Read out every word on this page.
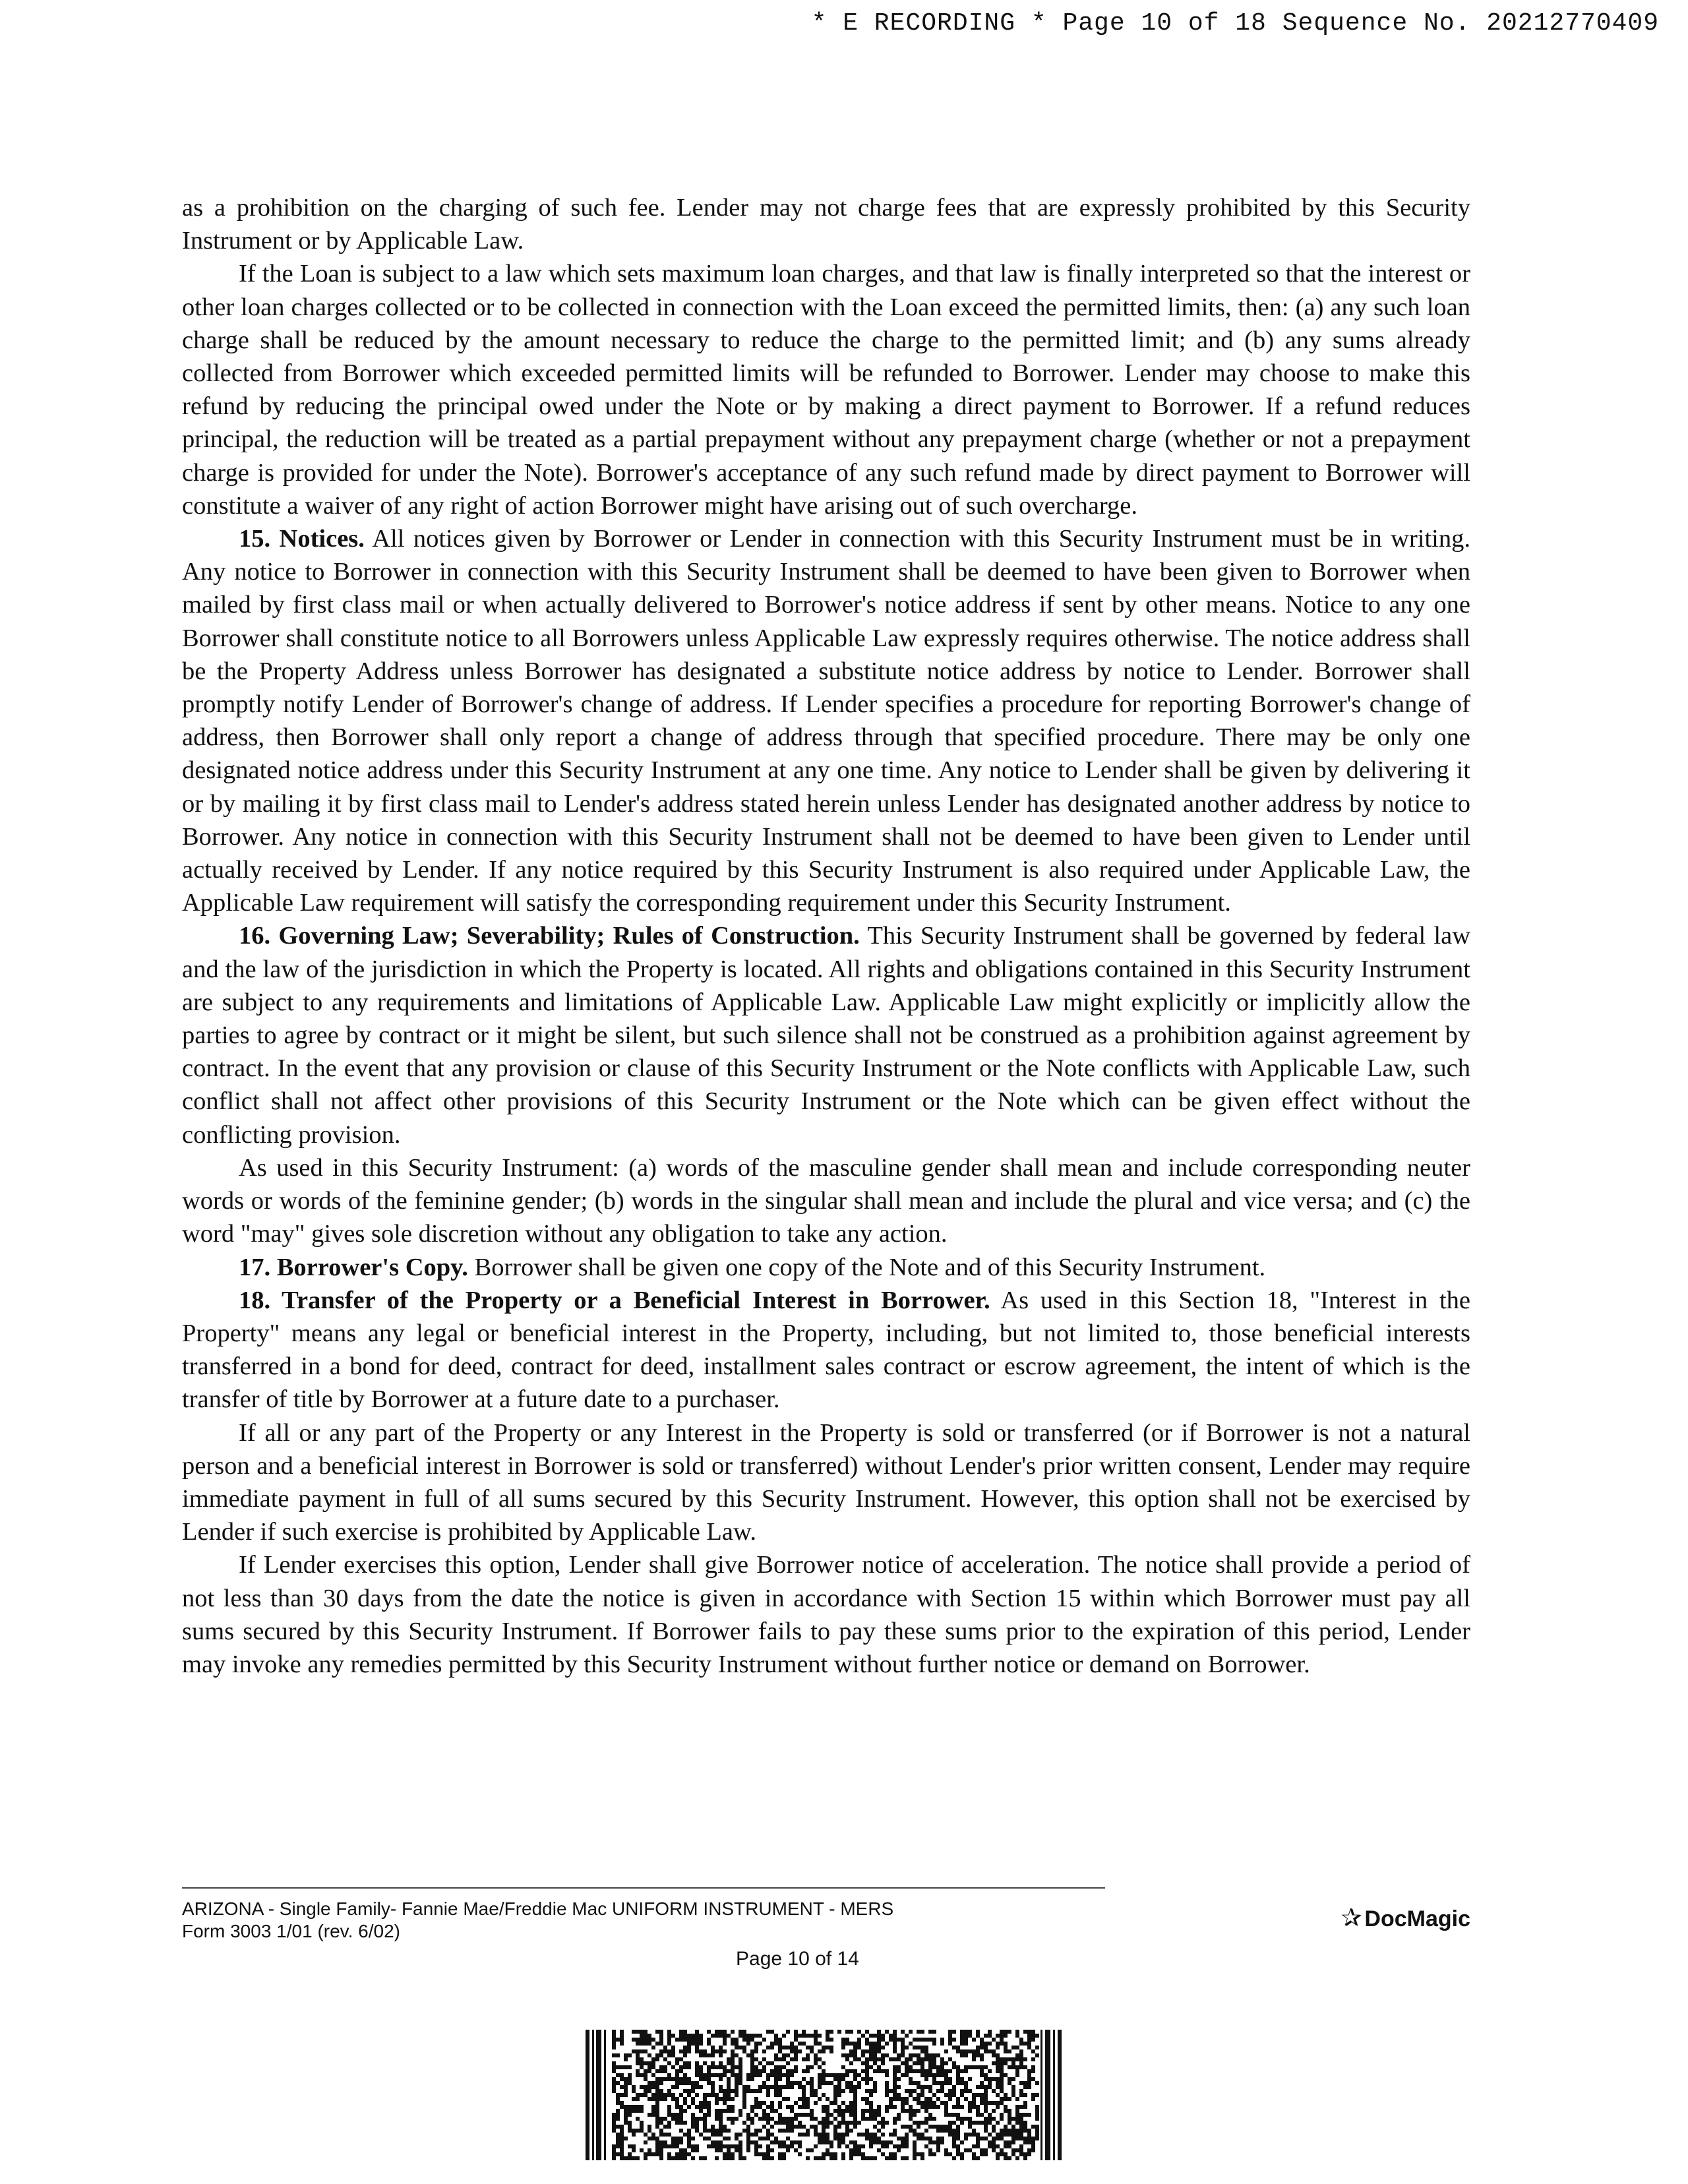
* E RECORDING * Page 10 of 18 Sequence No. 20212770409

as a prohibition on the charging of such fee. Lender may not charge fees that are expressly prohibited by this Security Instrument or by Applicable Law.

If the Loan is subject to a law which sets maximum loan charges, and that law is finally interpreted so that the interest or other loan charges collected or to be collected in connection with the Loan exceed the permitted limits, then: (a) any such loan charge shall be reduced by the amount necessary to reduce the charge to the permitted limit; and (b) any sums already collected from Borrower which exceeded permitted limits will be refunded to Borrower. Lender may choose to make this refund by reducing the principal owed under the Note or by making a direct payment to Borrower. If a refund reduces principal, the reduction will be treated as a partial prepayment without any prepayment charge (whether or not a prepayment charge is provided for under the Note). Borrower's acceptance of any such refund made by direct payment to Borrower will constitute a waiver of any right of action Borrower might have arising out of such overcharge.

15. Notices. All notices given by Borrower or Lender in connection with this Security Instrument must be in writing. Any notice to Borrower in connection with this Security Instrument shall be deemed to have been given to Borrower when mailed by first class mail or when actually delivered to Borrower's notice address if sent by other means. Notice to any one Borrower shall constitute notice to all Borrowers unless Applicable Law expressly requires otherwise. The notice address shall be the Property Address unless Borrower has designated a substitute notice address by notice to Lender. Borrower shall promptly notify Lender of Borrower's change of address. If Lender specifies a procedure for reporting Borrower's change of address, then Borrower shall only report a change of address through that specified procedure. There may be only one designated notice address under this Security Instrument at any one time. Any notice to Lender shall be given by delivering it or by mailing it by first class mail to Lender's address stated herein unless Lender has designated another address by notice to Borrower. Any notice in connection with this Security Instrument shall not be deemed to have been given to Lender until actually received by Lender. If any notice required by this Security Instrument is also required under Applicable Law, the Applicable Law requirement will satisfy the corresponding requirement under this Security Instrument.

16. Governing Law; Severability; Rules of Construction. This Security Instrument shall be governed by federal law and the law of the jurisdiction in which the Property is located. All rights and obligations contained in this Security Instrument are subject to any requirements and limitations of Applicable Law. Applicable Law might explicitly or implicitly allow the parties to agree by contract or it might be silent, but such silence shall not be construed as a prohibition against agreement by contract. In the event that any provision or clause of this Security Instrument or the Note conflicts with Applicable Law, such conflict shall not affect other provisions of this Security Instrument or the Note which can be given effect without the conflicting provision.

As used in this Security Instrument: (a) words of the masculine gender shall mean and include corresponding neuter words or words of the feminine gender; (b) words in the singular shall mean and include the plural and vice versa; and (c) the word "may" gives sole discretion without any obligation to take any action.

17. Borrower's Copy. Borrower shall be given one copy of the Note and of this Security Instrument.

18. Transfer of the Property or a Beneficial Interest in Borrower. As used in this Section 18, "Interest in the Property" means any legal or beneficial interest in the Property, including, but not limited to, those beneficial interests transferred in a bond for deed, contract for deed, installment sales contract or escrow agreement, the intent of which is the transfer of title by Borrower at a future date to a purchaser.

If all or any part of the Property or any Interest in the Property is sold or transferred (or if Borrower is not a natural person and a beneficial interest in Borrower is sold or transferred) without Lender's prior written consent, Lender may require immediate payment in full of all sums secured by this Security Instrument. However, this option shall not be exercised by Lender if such exercise is prohibited by Applicable Law.

If Lender exercises this option, Lender shall give Borrower notice of acceleration. The notice shall provide a period of not less than 30 days from the date the notice is given in accordance with Section 15 within which Borrower must pay all sums secured by this Security Instrument. If Borrower fails to pay these sums prior to the expiration of this period, Lender may invoke any remedies permitted by this Security Instrument without further notice or demand on Borrower.

ARIZONA - Single Family- Fannie Mae/Freddie Mac UNIFORM INSTRUMENT - MERS
Form 3003 1/01 (rev. 6/02)	✰ DocMagic
Page 10 of 14
